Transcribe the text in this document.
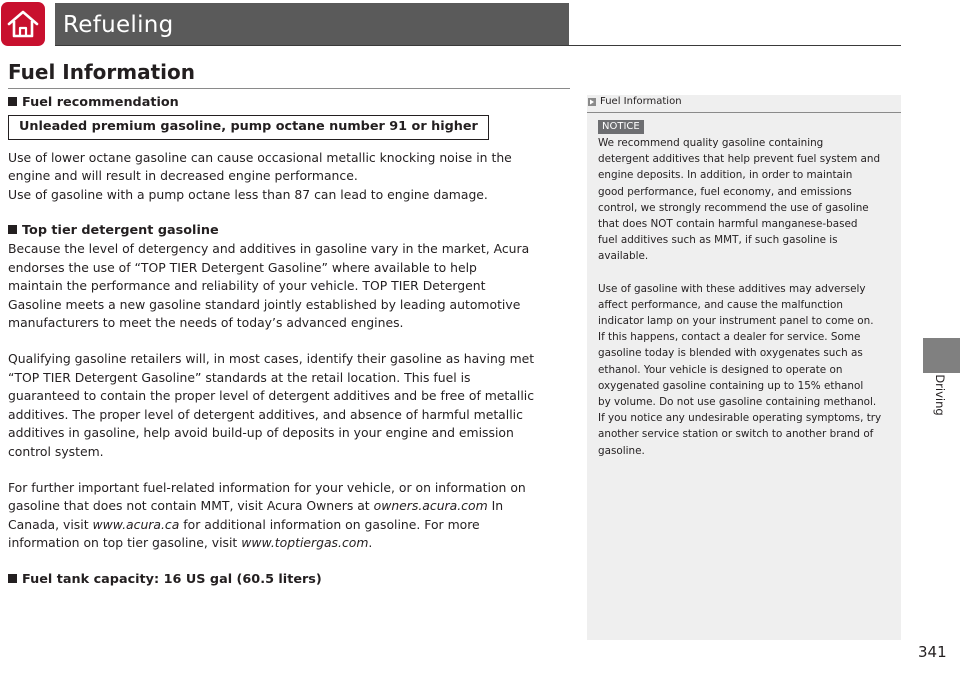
Refueling
Fuel Information

Fuel recommendation

Unleaded premium gasoline, pump octane number 91 or higher

Use of lower octane gasoline can cause occasional metallic knocking noise in the

engine and will result in decreased engine performance.

Use of gasoline with a pump octane less than 87 can lead to engine damage.

Top tier detergent gasoline

Because the level of detergency and additives in gasoline vary in the market, Acura

endorses the use of “TOP TIER Detergent Gasoline” where available to help

maintain the performance and reliability of your vehicle. TOP TIER Detergent

Gasoline meets a new gasoline standard jointly established by leading automotive

manufacturers to meet the needs of today’s advanced engines.

Qualifying gasoline retailers will, in most cases, identify their gasoline as having met

“TOP TIER Detergent Gasoline” standards at the retail location. This fuel is

guaranteed to contain the proper level of detergent additives and be free of metallic

additives. The proper level of detergent additives, and absence of harmful metallic

additives in gasoline, help avoid build-up of deposits in your engine and emission

control system.

For further important fuel-related information for your vehicle, or on information on

gasoline that does not contain MMT, visit Acura Owners at owners.acura.com In

Canada, visit www.acura.ca for additional information on gasoline. For more

information on top tier gasoline, visit www.toptiergas.com.

Fuel tank capacity: 16 US gal (60.5 liters)

Fuel Information
NOTICE

We recommend quality gasoline containing

detergent additives that help prevent fuel system and

engine deposits. In addition, in order to maintain

good performance, fuel economy, and emissions

control, we strongly recommend the use of gasoline

that does NOT contain harmful manganese-based

fuel additives such as MMT, if such gasoline is

available.

Use of gasoline with these additives may adversely

affect performance, and cause the malfunction

indicator lamp on your instrument panel to come on.

If this happens, contact a dealer for service. Some

gasoline today is blended with oxygenates such as

ethanol. Your vehicle is designed to operate on

oxygenated gasoline containing up to 15% ethanol

by volume. Do not use gasoline containing methanol.

If you notice any undesirable operating symptoms, try

another service station or switch to another brand of

gasoline.

Driving
341
